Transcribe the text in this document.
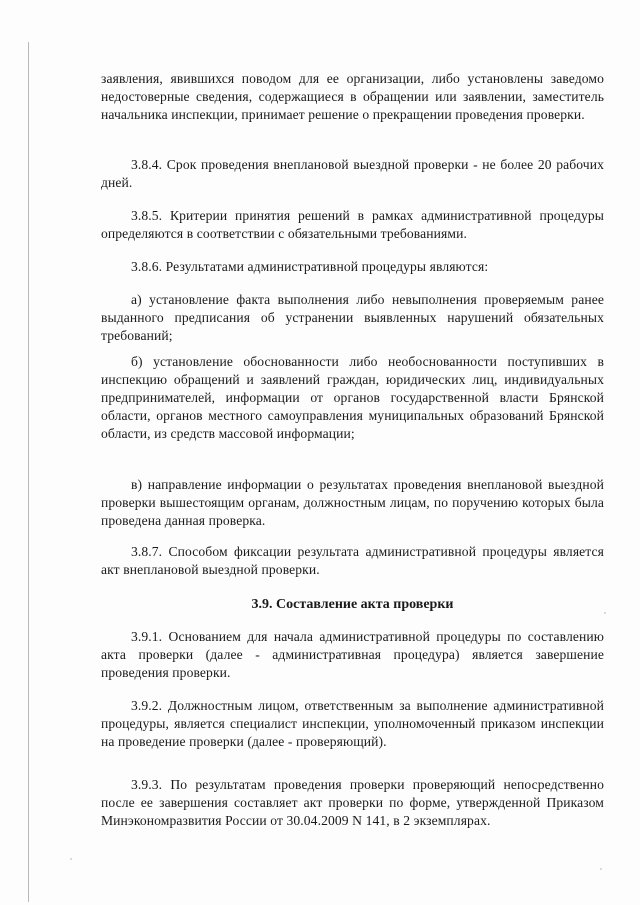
заявления, явившихся поводом для ее организации, либо установлены заведомо недостоверные сведения, содержащиеся в обращении или заявлении, заместитель начальника инспекции, принимает решение о прекращении проведения проверки.
3.8.4. Срок проведения внеплановой выездной проверки - не более 20 рабочих дней.
3.8.5. Критерии принятия решений в рамках административной процедуры определяются в соответствии с обязательными требованиями.
3.8.6. Результатами административной процедуры являются:
а) установление факта выполнения либо невыполнения проверяемым ранее выданного предписания об устранении выявленных нарушений обязательных требований;
б) установление обоснованности либо необоснованности поступивших в инспекцию обращений и заявлений граждан, юридических лиц, индивидуальных предпринимателей, информации от органов государственной власти Брянской области, органов местного самоуправления муниципальных образований Брянской области, из средств массовой информации;
в) направление информации о результатах проведения внеплановой выездной проверки вышестоящим органам, должностным лицам, по поручению которых была проведена данная проверка.
3.8.7. Способом фиксации результата административной процедуры является акт внеплановой выездной проверки.
3.9. Составление акта проверки
3.9.1. Основанием для начала административной процедуры по составлению акта проверки (далее - административная процедура) является завершение проведения проверки.
3.9.2. Должностным лицом, ответственным за выполнение административной процедуры, является специалист инспекции, уполномоченный приказом инспекции на проведение проверки (далее - проверяющий).
3.9.3. По результатам проведения проверки проверяющий непосредственно после ее завершения составляет акт проверки по форме, утвержденной Приказом Минэкономразвития России от 30.04.2009 N 141, в 2 экземплярах.
